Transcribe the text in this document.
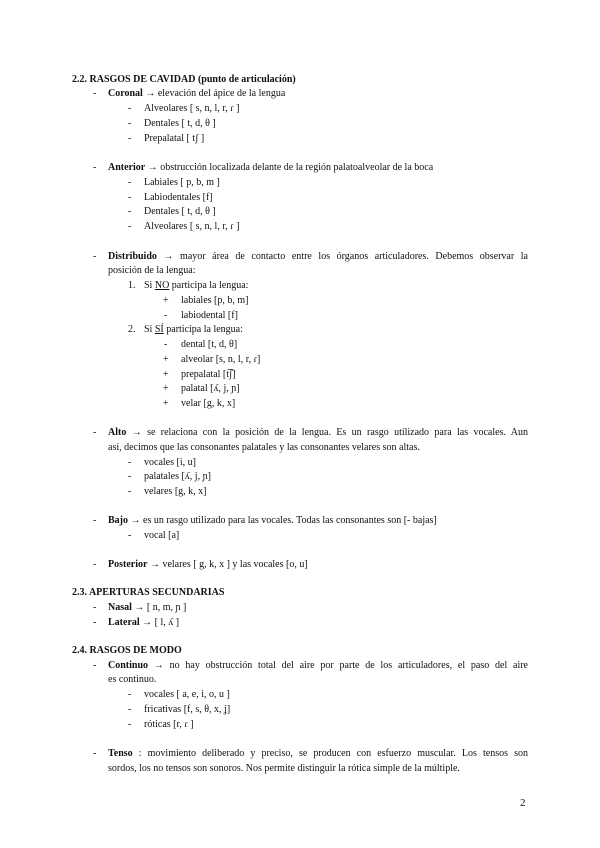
2.2. RASGOS DE CAVIDAD (punto de articulación)
- Coronal → elevación del ápice de la lengua
- Alveolares [ s, n, l, r, ɾ ]
- Dentales [ t, d, θ ]
- Prepalatal [ tʃ ]
- Anterior → obstrucción localizada delante de la región palatoalveolar de la boca
- Labiales [ p, b, m ]
- Labiodentales [f]
- Dentales [ t, d, θ ]
- Alveolares [ s, n, l, r, ɾ ]
- Distribuido → mayor área de contacto entre los órganos articuladores. Debemos observar la
posición de la lengua:
1. Si NO participa la lengua:
+ labiales [p, b, m]
- labiodental [f]
2. Si SÍ participa la lengua:
- dental [t, d, θ]
+ alveolar [s, n, l, r, ɾ]
+ prepalatal [t͡ʃ]
+ palatal [ʎ, j, ɲ]
+ velar [g, k, x]
- Alto → se relaciona con la posición de la lengua. Es un rasgo utilizado para las vocales. Aun
así, decimos que las consonantes palatales y las consonantes velares son altas.
- vocales [i, u]
- palatales [ʎ, j, ɲ]
- velares [g, k, x]
- Bajo → es un rasgo utilizado para las vocales. Todas las consonantes son [- bajas]
- vocal [a]
- Posterior → velares [ g, k, x ] y las vocales [o, u]
2.3. APERTURAS SECUNDARIAS
- Nasal → [ n, m, ɲ ]
- Lateral → [ l, ʎ ]
2.4. RASGOS DE MODO
- Continuo → no hay obstrucción total del aire por parte de los articuladores, el paso del aire
es continuo.
- vocales [ a, e, i, o, u ]
- fricativas [f, s, θ, x, ʝ]
- róticas [r, ɾ ]
- Tenso : movimiento deliberado y preciso, se producen con esfuerzo muscular. Los tensos son
sordos, los no tensos son sonoros. Nos permite distinguir la rótica simple de la múltiple.
2
